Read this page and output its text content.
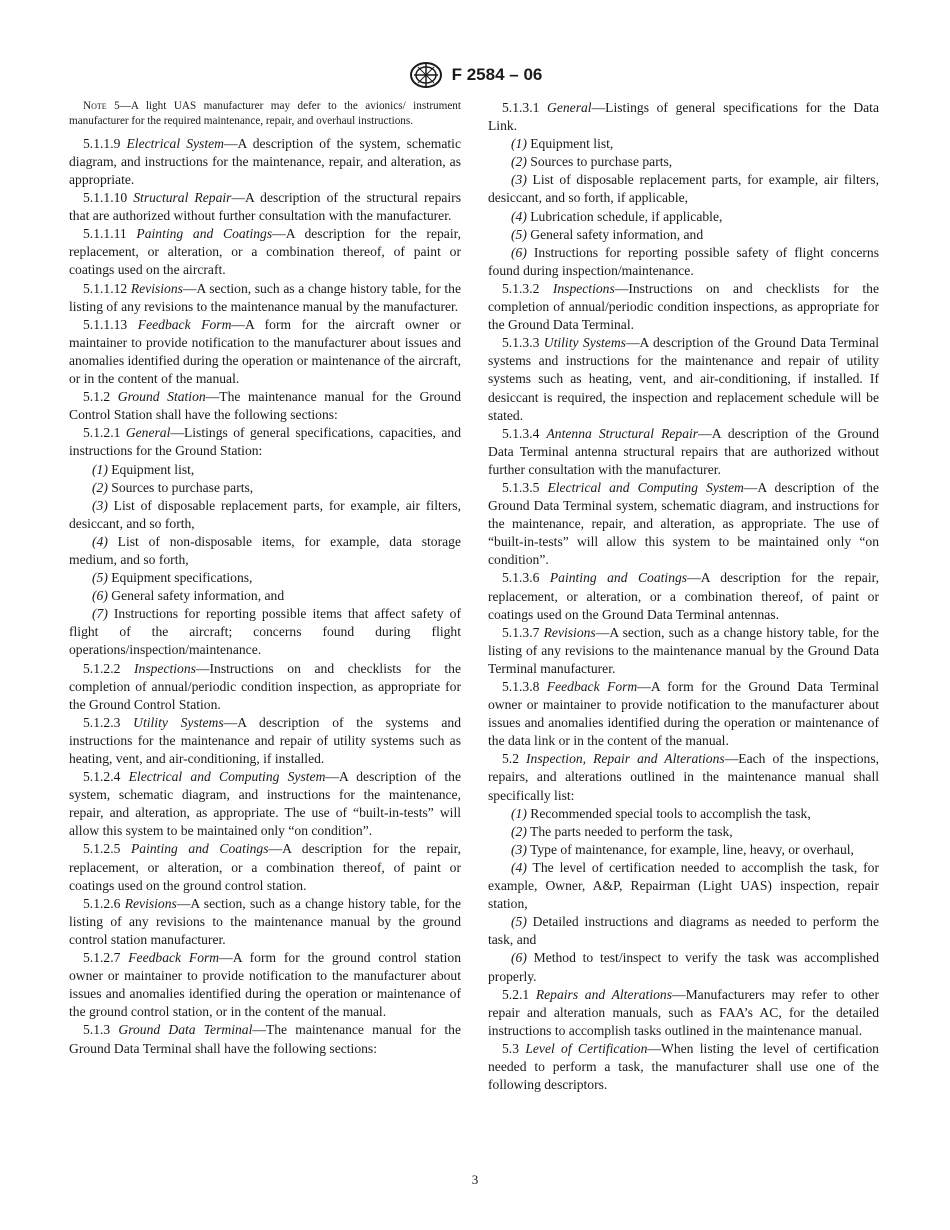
F 2584 – 06

Note 5—A light UAS manufacturer may defer to the avionics/ instrument manufacturer for the required maintenance, repair, and overhaul instructions.

5.1.1.9 Electrical System—A description of the system, schematic diagram, and instructions for the maintenance, repair, and alteration, as appropriate.

5.1.1.10 Structural Repair—A description of the structural repairs that are authorized without further consultation with the manufacturer.

5.1.1.11 Painting and Coatings—A description for the repair, replacement, or alteration, or a combination thereof, of paint or coatings used on the aircraft.

5.1.1.12 Revisions—A section, such as a change history table, for the listing of any revisions to the maintenance manual by the manufacturer.

5.1.1.13 Feedback Form—A form for the aircraft owner or maintainer to provide notification to the manufacturer about issues and anomalies identified during the operation or maintenance of the aircraft, or in the content of the manual.

5.1.2 Ground Station—The maintenance manual for the Ground Control Station shall have the following sections:

5.1.2.1 General—Listings of general specifications, capacities, and instructions for the Ground Station:

(1) Equipment list,

(2) Sources to purchase parts,

(3) List of disposable replacement parts, for example, air filters, desiccant, and so forth,

(4) List of non-disposable items, for example, data storage medium, and so forth,

(5) Equipment specifications,

(6) General safety information, and

(7) Instructions for reporting possible items that affect safety of flight of the aircraft; concerns found during flight operations/inspection/maintenance.

5.1.2.2 Inspections—Instructions on and checklists for the completion of annual/periodic condition inspection, as appropriate for the Ground Control Station.

5.1.2.3 Utility Systems—A description of the systems and instructions for the maintenance and repair of utility systems such as heating, vent, and air-conditioning, if installed.

5.1.2.4 Electrical and Computing System—A description of the system, schematic diagram, and instructions for the maintenance, repair, and alteration, as appropriate. The use of “built-in-tests” will allow this system to be maintained only “on condition”.

5.1.2.5 Painting and Coatings—A description for the repair, replacement, or alteration, or a combination thereof, of paint or coatings used on the ground control station.

5.1.2.6 Revisions—A section, such as a change history table, for the listing of any revisions to the maintenance manual by the ground control station manufacturer.

5.1.2.7 Feedback Form—A form for the ground control station owner or maintainer to provide notification to the manufacturer about issues and anomalies identified during the operation or maintenance of the ground control station, or in the content of the manual.

5.1.3 Ground Data Terminal—The maintenance manual for the Ground Data Terminal shall have the following sections:

5.1.3.1 General—Listings of general specifications for the Data Link.

(1) Equipment list,

(2) Sources to purchase parts,

(3) List of disposable replacement parts, for example, air filters, desiccant, and so forth, if applicable,

(4) Lubrication schedule, if applicable,

(5) General safety information, and

(6) Instructions for reporting possible safety of flight concerns found during inspection/maintenance.

5.1.3.2 Inspections—Instructions on and checklists for the completion of annual/periodic condition inspections, as appropriate for the Ground Data Terminal.

5.1.3.3 Utility Systems—A description of the Ground Data Terminal systems and instructions for the maintenance and repair of utility systems such as heating, vent, and air-conditioning, if installed. If desiccant is required, the inspection and replacement schedule will be stated.

5.1.3.4 Antenna Structural Repair—A description of the Ground Data Terminal antenna structural repairs that are authorized without further consultation with the manufacturer.

5.1.3.5 Electrical and Computing System—A description of the Ground Data Terminal system, schematic diagram, and instructions for the maintenance, repair, and alteration, as appropriate. The use of “built-in-tests” will allow this system to be maintained only “on condition”.

5.1.3.6 Painting and Coatings—A description for the repair, replacement, or alteration, or a combination thereof, of paint or coatings used on the Ground Data Terminal antennas.

5.1.3.7 Revisions—A section, such as a change history table, for the listing of any revisions to the maintenance manual by the Ground Data Terminal manufacturer.

5.1.3.8 Feedback Form—A form for the Ground Data Terminal owner or maintainer to provide notification to the manufacturer about issues and anomalies identified during the operation or maintenance of the data link or in the content of the manual.

5.2 Inspection, Repair and Alterations—Each of the inspections, repairs, and alterations outlined in the maintenance manual shall specifically list:

(1) Recommended special tools to accomplish the task,

(2) The parts needed to perform the task,

(3) Type of maintenance, for example, line, heavy, or overhaul,

(4) The level of certification needed to accomplish the task, for example, Owner, A&P, Repairman (Light UAS) inspection, repair station,

(5) Detailed instructions and diagrams as needed to perform the task, and

(6) Method to test/inspect to verify the task was accomplished properly.

5.2.1 Repairs and Alterations—Manufacturers may refer to other repair and alteration manuals, such as FAA’s AC, for the detailed instructions to accomplish tasks outlined in the maintenance manual.

5.3 Level of Certification—When listing the level of certification needed to perform a task, the manufacturer shall use one of the following descriptors.

3
